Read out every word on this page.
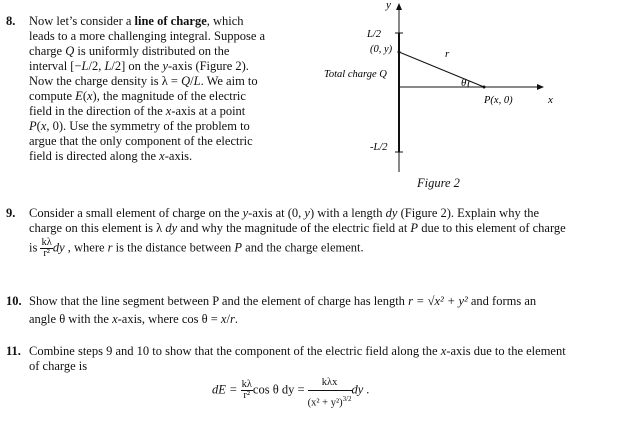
8. Now let’s consider a line of charge, which
leads to a more challenging integral. Suppose a
charge Q is uniformly distributed on the
interval [−L/2, L/2] on the y-axis (Figure 2).
Now the charge density is λ = Q/L. We aim to
compute E(x), the magnitude of the electric
field in the direction of the x-axis at a point
P(x, 0). Use the symmetry of the problem to
argue that the only component of the electric
field is directed along the x-axis.
y
L/2
(0, y)
Total charge Q
r
θ
P(x, 0)	x
-L/2
Figure 2
9. Consider a small element of charge on the y-axis at (0, y) with a length dy (Figure 2). Explain why the
charge on this element is λ dy and why the magnitude of the electric field at P due to this element of charge
is $\frac{k\lambda}{\text{r²}}$ dy , where r is the distance between P and the charge element.
10. Show that the line segment between P and the element of charge has length r = √x² + y² and forms an
angle θ with the x-axis, where cos θ = x/r.
11. Combine steps 9 and 10 to show that the component of the electric field along the x-axis due to the element
of charge is
dE = $\frac{k\lambda}{\text{r²}}$ cos θ dy = $\frac{\text{kλx}}{(x^2 + y^2)^{3/2}}$ dy .
